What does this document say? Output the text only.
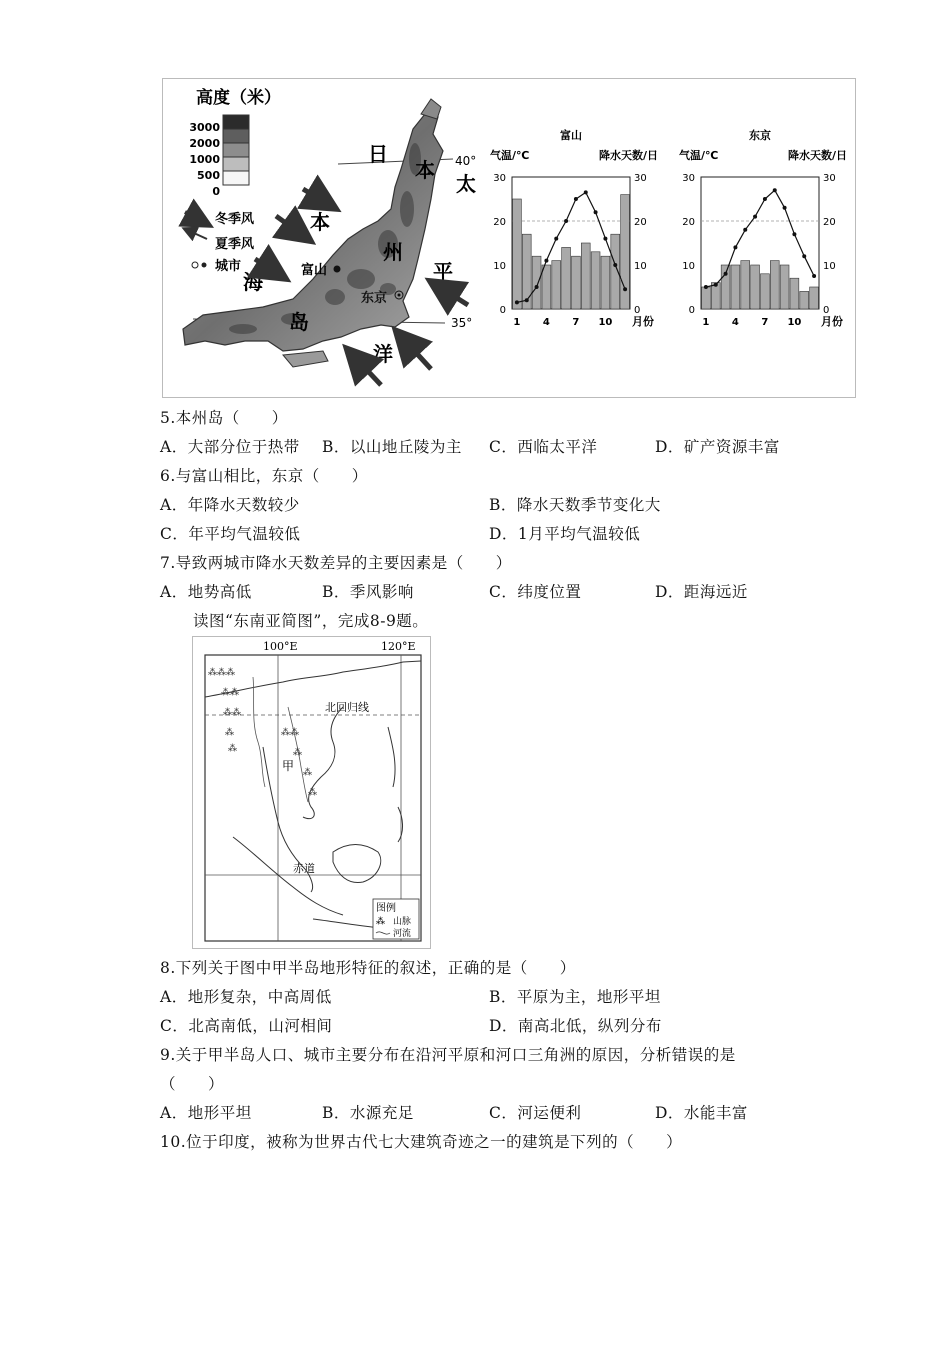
高度（米）
3000
2000
1000
500
0
冬季风
夏季风
城市
40°
35°
日
本
海
本
州
岛
太
平
洋
富山
东京
富山
气温/℃	降水天数/日
30	30
20	20
10	10
0	0
1 4 7 10 月份
东京
气温/℃	降水天数/日
30	30
20	20
10	10
0	0
1 4 7 10 月份
5.本州岛（　　）
A．大部分位于热带 B．以山地丘陵为主 C．西临太平洋	D．矿产资源丰富
6.与富山相比，东京（　　）
A．年降水天数较少	B．降水天数季节变化大
C．年平均气温较低	D．1月平均气温较低
7.导致两城市降水天数差异的主要因素是（　　）
A．地势高低	B．季风影响	C．纬度位置	D．距海远近
读图“东南亚简图”，完成8-9题。
100°E	120°E
北回归线
赤道
⁂⁂⁂
⁂⁂
⁂⁂
⁂
⁂
⁂⁂
⁂
⁂
⁂
甲
图例
⁂ 山脉
河流
8.下列关于图中甲半岛地形特征的叙述，正确的是（　　）
A．地形复杂，中高周低	B．平原为主，地形平坦
C．北高南低，山河相间	D．南高北低，纵列分布
9.关于甲半岛人口、城市主要分布在沿河平原和河口三角洲的原因，分析错误的是
（　　）
A．地形平坦	B．水源充足	C．河运便利	D．水能丰富
10.位于印度，被称为世界古代七大建筑奇迹之一的建筑是下列的（　　）
